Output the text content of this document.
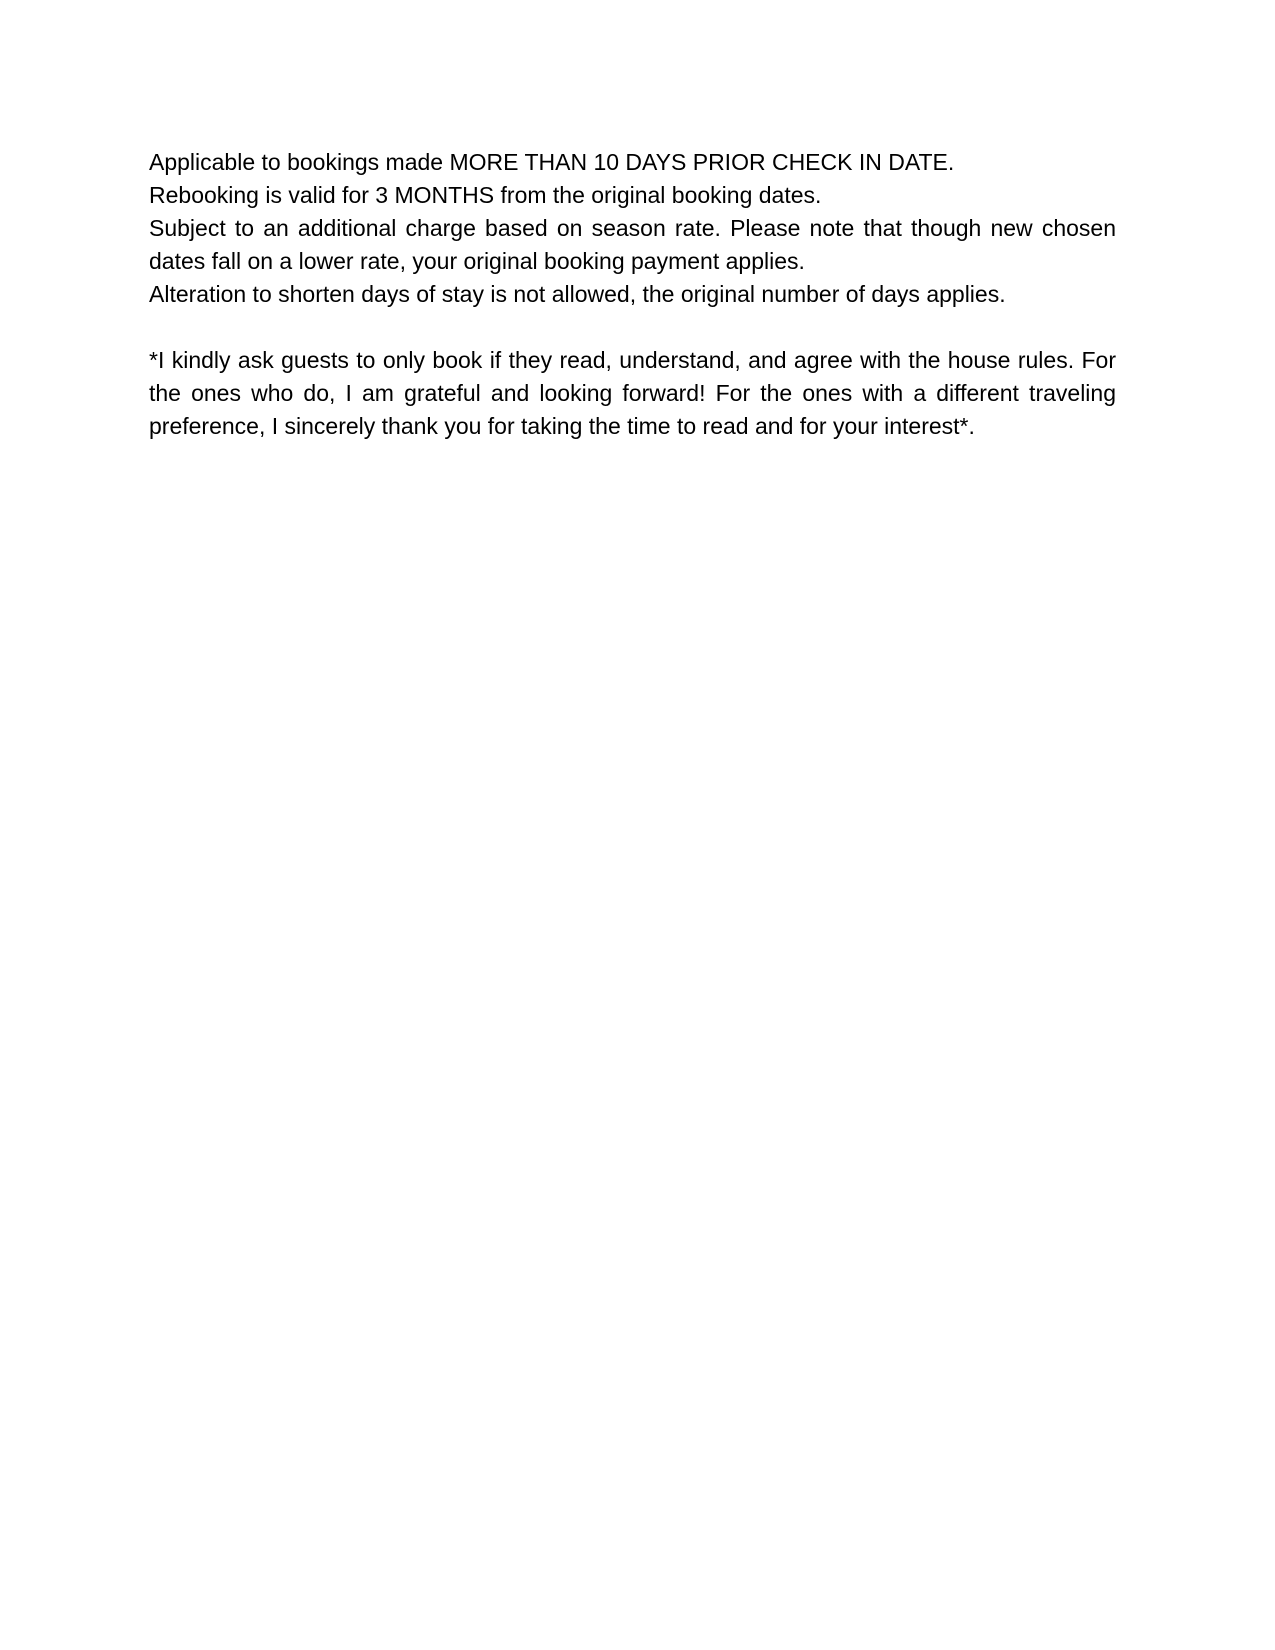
Applicable to bookings made MORE THAN 10 DAYS PRIOR CHECK IN DATE.
Rebooking is valid for 3 MONTHS from the original booking dates.
Subject to an additional charge based on season rate. Please note that though new chosen dates fall on a lower rate, your original booking payment applies.
Alteration to shorten days of stay is not allowed, the original number of days applies.
*I kindly ask guests to only book if they read, understand, and agree with the house rules. For the ones who do, I am grateful and looking forward! For the ones with a different traveling preference, I sincerely thank you for taking the time to read and for your interest*.
